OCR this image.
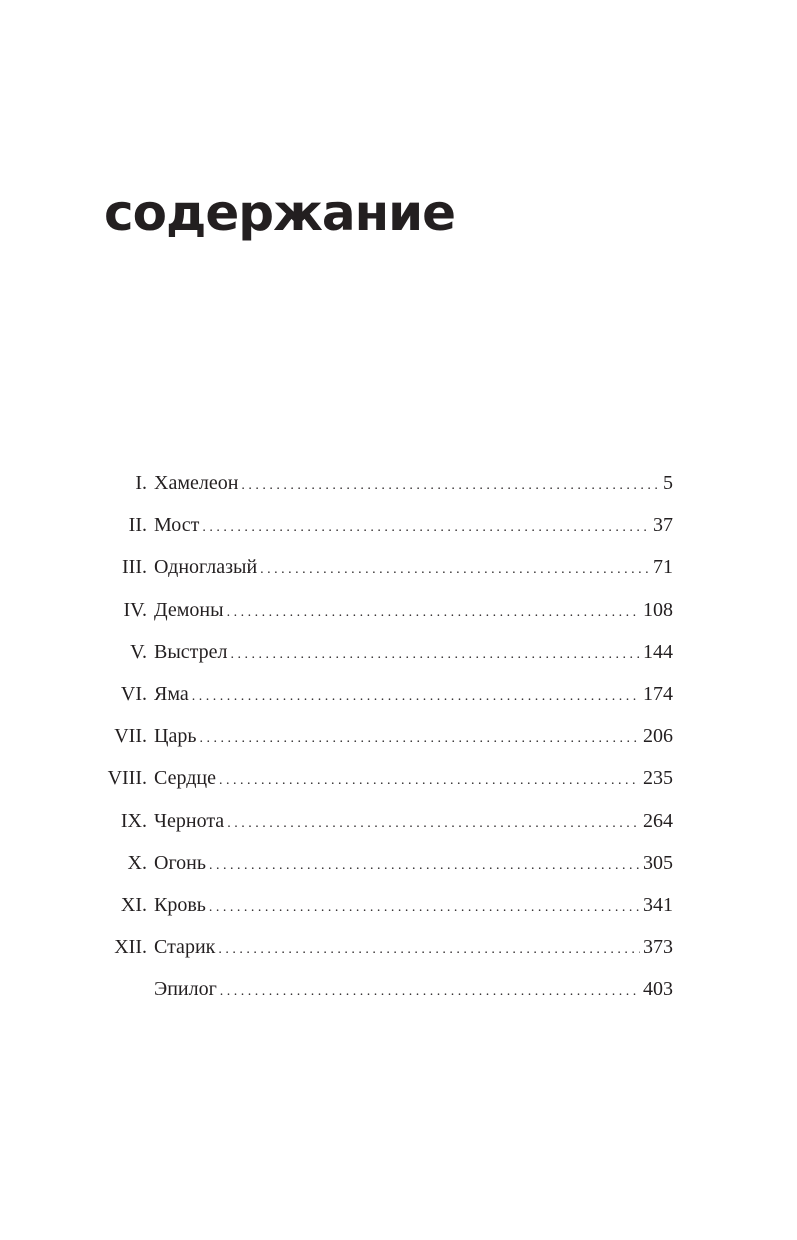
содержание
I. Хамелеон . . .	5
II. Мост . . .	37
III. Одноглазый . . .	71
IV. Демоны . . .	108
V. Выстрел . . .	144
VI. Яма . . .	174
VII. Царь . . .	206
VIII. Сердце . . .	235
IX. Чернота . . .	264
X. Огонь . . .	305
XI. Кровь . . .	341
XII. Старик . . .	373
Эпилог . . .	403
